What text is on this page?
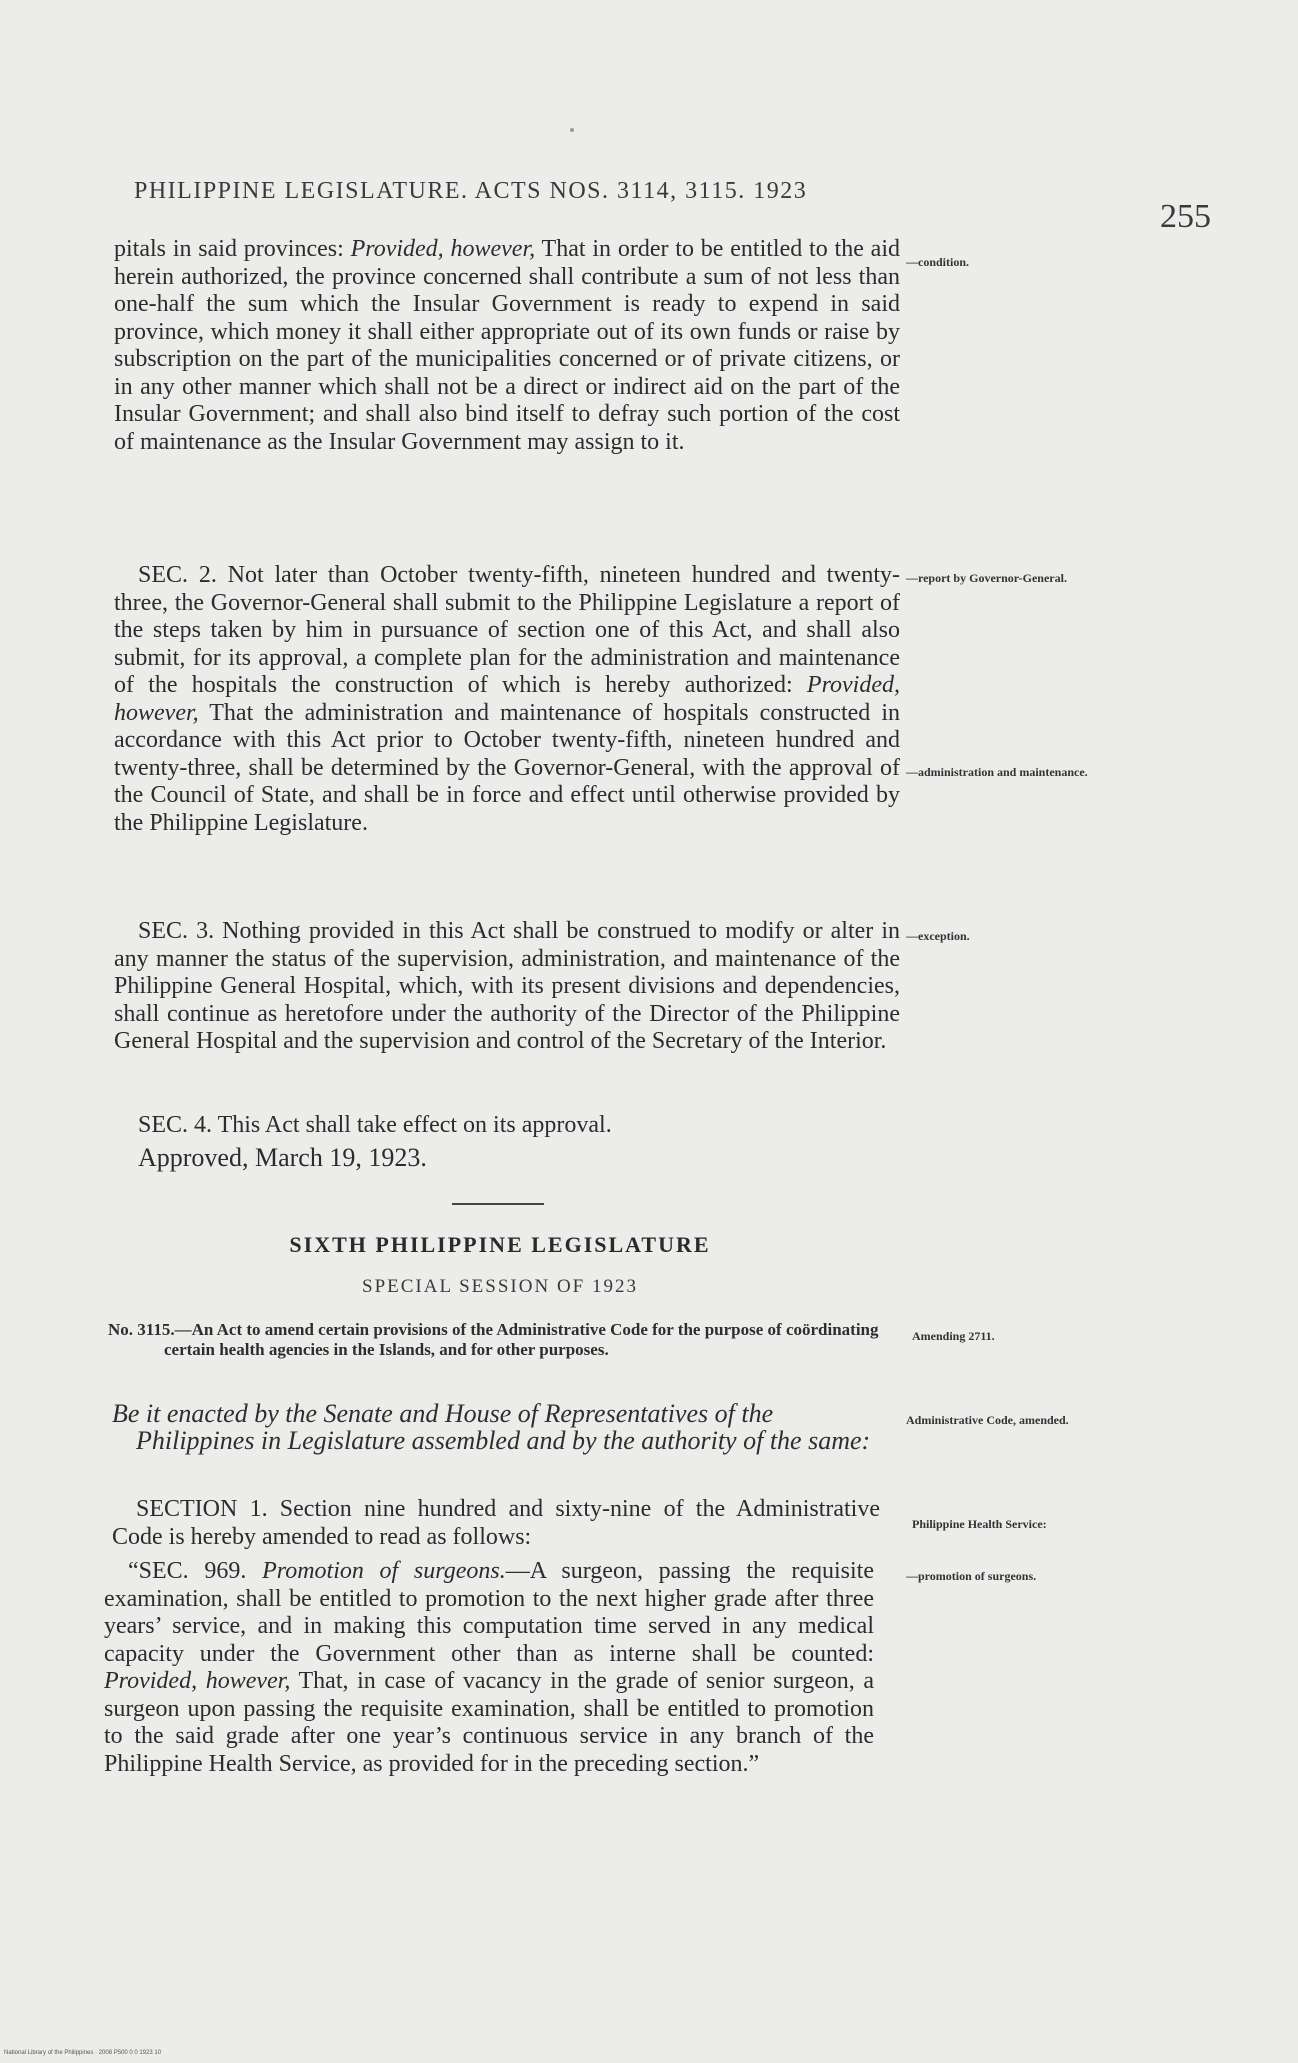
PHILIPPINE LEGISLATURE. ACTS NOS. 3114, 3115. 1923
255

pitals in said provinces: Provided, however, That in order to be entitled to the aid herein authorized, the province concerned shall contribute a sum of not less than one-half the sum which the Insular Government is ready to expend in said province, which money it shall either appropriate out of its own funds or raise by subscription on the part of the municipalities concerned or of private citizens, or in any other manner which shall not be a direct or indirect aid on the part of the Insular Government; and shall also bind itself to defray such portion of the cost of maintenance as the Insular Government may assign to it.

SEC. 2. Not later than October twenty-fifth, nineteen hundred and twenty-three, the Governor-General shall submit to the Philippine Legislature a report of the steps taken by him in pursuance of section one of this Act, and shall also submit, for its approval, a complete plan for the administration and maintenance of the hospitals the construction of which is hereby authorized: Provided, however, That the administration and maintenance of hospitals constructed in accordance with this Act prior to October twenty-fifth, nineteen hundred and twenty-three, shall be determined by the Governor-General, with the approval of the Council of State, and shall be in force and effect until otherwise provided by the Philippine Legislature.

SEC. 3. Nothing provided in this Act shall be construed to modify or alter in any manner the status of the supervision, administration, and maintenance of the Philippine General Hospital, which, with its present divisions and dependencies, shall continue as heretofore under the authority of the Director of the Philippine General Hospital and the supervision and control of the Secretary of the Interior.

SEC. 4. This Act shall take effect on its approval.

Approved, March 19, 1923.
SIXTH PHILIPPINE LEGISLATURE
SPECIAL SESSION OF 1923
No. 3115.—An Act to amend certain provisions of the Administrative Code for the purpose of coördinating certain health agencies in the Islands, and for other purposes.
Be it enacted by the Senate and House of Representatives of the Philippines in Legislature assembled and by the authority of the same:

SECTION 1. Section nine hundred and sixty-nine of the Administrative Code is hereby amended to read as follows:

“SEC. 969. Promotion of surgeons.—A surgeon, passing the requisite examination, shall be entitled to promotion to the next higher grade after three years’ service, and in making this computation time served in any medical capacity under the Government other than as interne shall be counted: Provided, however, That, in case of vacancy in the grade of senior surgeon, a surgeon upon passing the requisite examination, shall be entitled to promotion to the said grade after one year’s continuous service in any branch of the Philippine Health Service, as provided for in the preceding section.”

—condition.
—report by Governor-General.
—administration and maintenance.
—exception.
Amending 2711.
Administrative Code, amended.
Philippine Health Service:
—promotion of surgeons.
National Library of the Philippines · 2008 P500 0 0 1923 10
